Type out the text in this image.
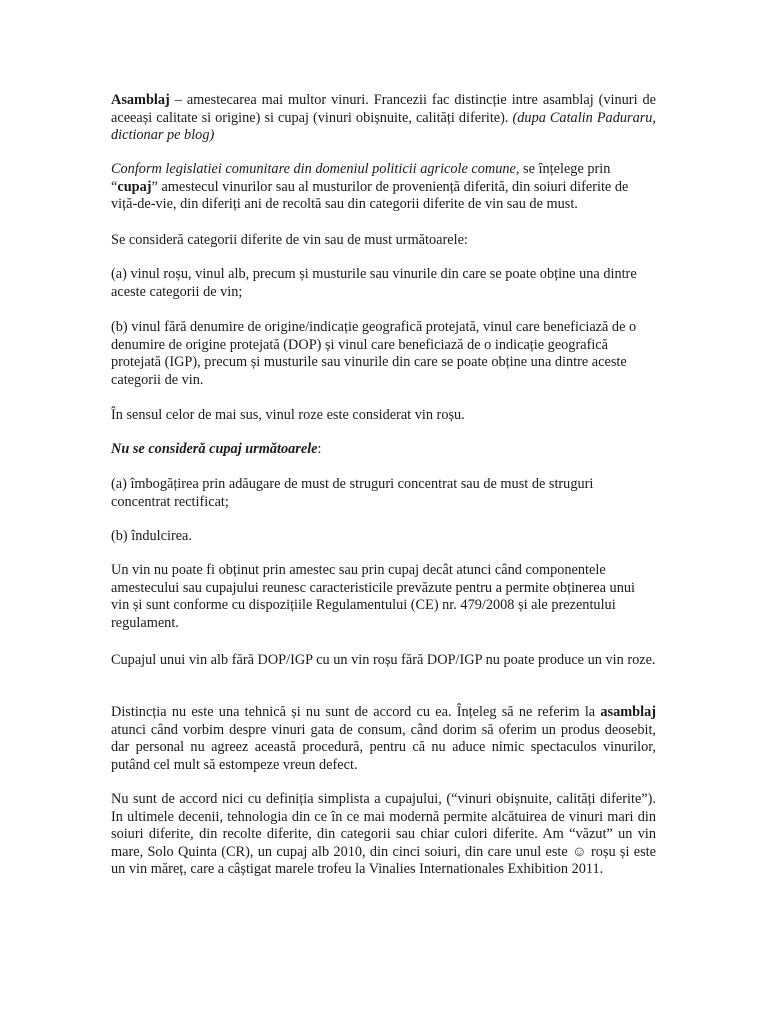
Asamblaj – amestecarea mai multor vinuri. Francezii fac distincție intre asamblaj (vinuri de aceeași calitate si origine) si cupaj (vinuri obișnuite, calități diferite). (dupa Catalin Paduraru, dictionar pe blog)

Conform legislatiei comunitare din domeniul politicii agricole comune, se înțelege prin “cupaj” amestecul vinurilor sau al musturilor de proveniență diferită, din soiuri diferite de viță-de-vie, din diferiți ani de recoltă sau din categorii diferite de vin sau de must.

Se consideră categorii diferite de vin sau de must următoarele:

(a) vinul roșu, vinul alb, precum și musturile sau vinurile din care se poate obține una dintre aceste categorii de vin;

(b) vinul fără denumire de origine/indicație geografică protejată, vinul care beneficiază de o denumire de origine protejată (DOP) și vinul care beneficiază de o indicație geografică protejată (IGP), precum și musturile sau vinurile din care se poate obține una dintre aceste categorii de vin.

În sensul celor de mai sus, vinul roze este considerat vin roșu.

Nu se consideră cupaj următoarele:

(a) îmbogățirea prin adăugare de must de struguri concentrat sau de must de struguri concentrat rectificat;

(b) îndulcirea.

Un vin nu poate fi obținut prin amestec sau prin cupaj decât atunci când componentele amestecului sau cupajului reunesc caracteristicile prevăzute pentru a permite obținerea unui vin și sunt conforme cu dispozițiile Regulamentului (CE) nr. 479/2008 și ale prezentului regulament.

Cupajul unui vin alb fără DOP/IGP cu un vin roșu fără DOP/IGP nu poate produce un vin roze.

Distincția nu este una tehnică și nu sunt de accord cu ea. Înțeleg să ne referim la asamblaj atunci când vorbim despre vinuri gata de consum, când dorim să oferim un produs deosebit, dar personal nu agreez această procedură, pentru că nu aduce nimic spectaculos vinurilor, putând cel mult să estompeze vreun defect.

Nu sunt de accord nici cu definiția simplista a cupajului, (“vinuri obișnuite, calități diferite”). In ultimele decenii, tehnologia din ce în ce mai modernă permite alcătuirea de vinuri mari din soiuri diferite, din recolte diferite, din categorii sau chiar culori diferite. Am “văzut” un vin mare, Solo Quinta (CR), un cupaj alb 2010, din cinci soiuri, din care unul este ☺ roșu și este un vin măreț, care a câștigat marele trofeu la Vinalies Internationales Exhibition 2011.
